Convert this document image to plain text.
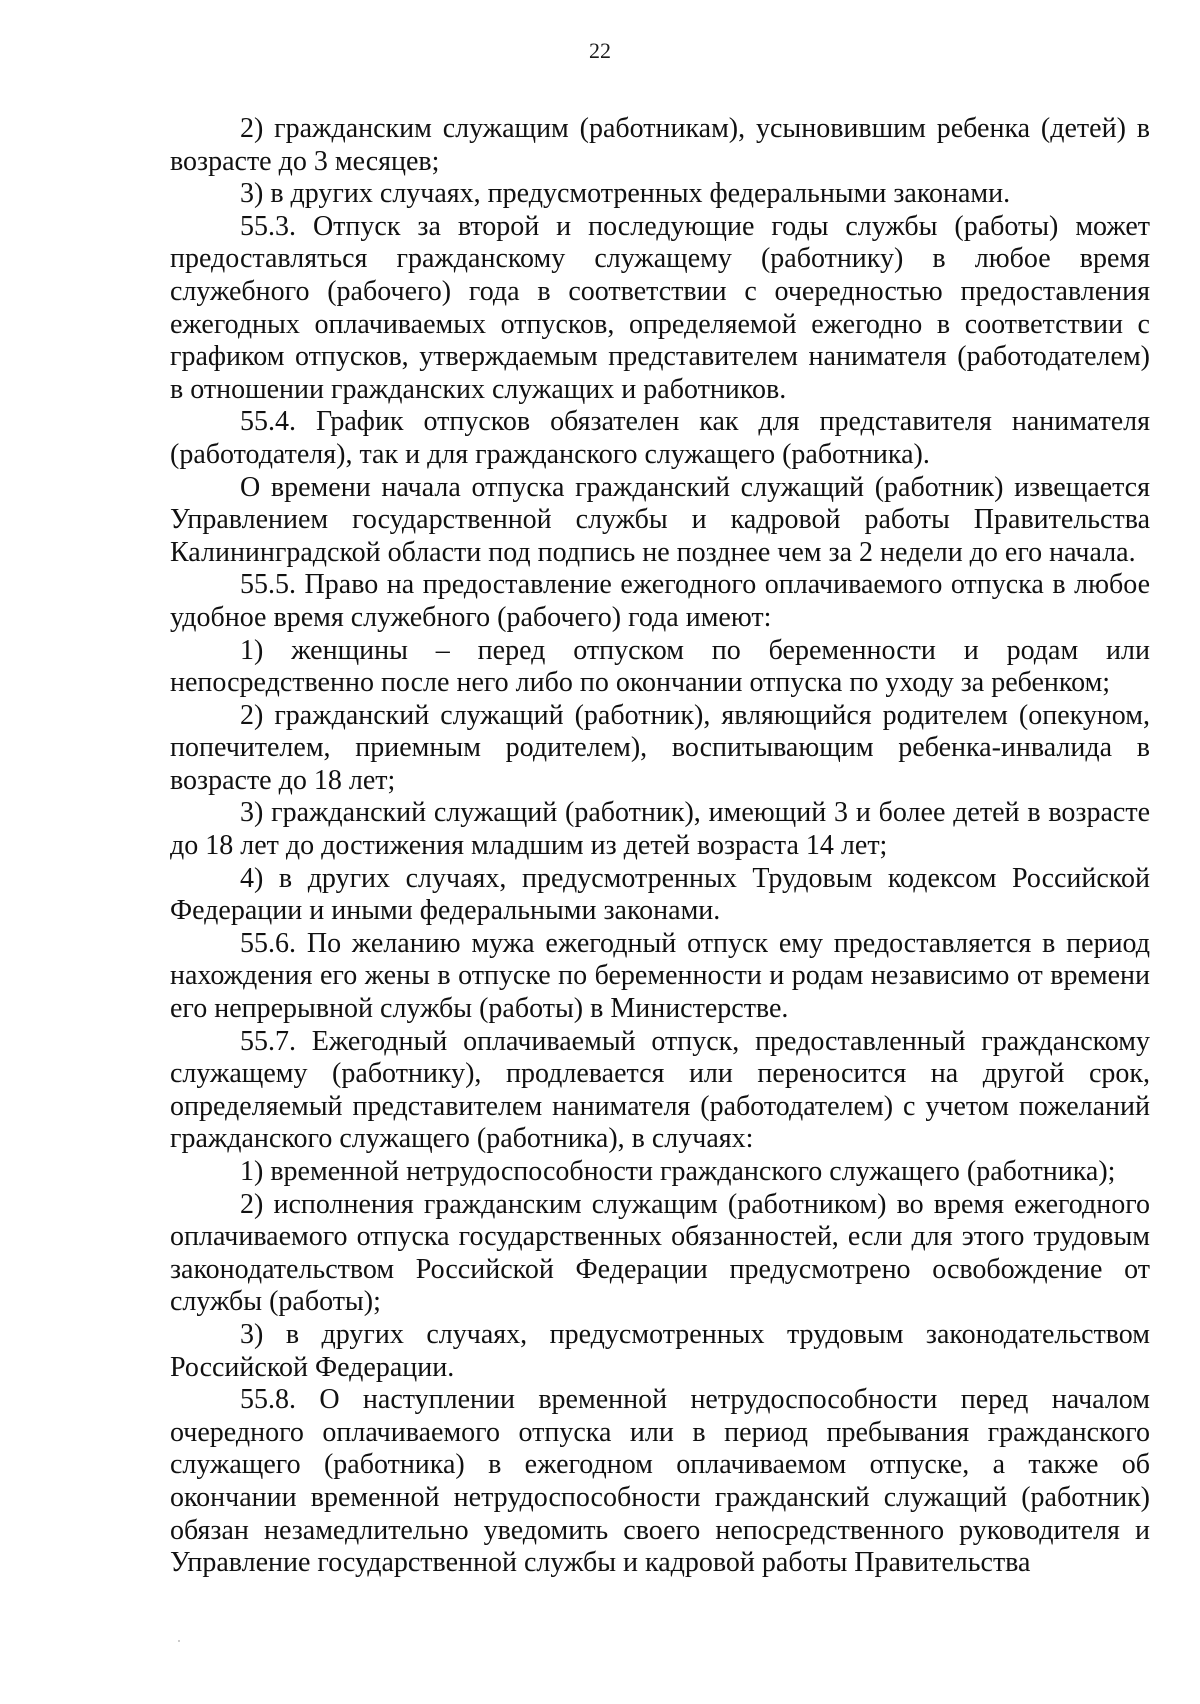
22

2) гражданским служащим (работникам), усыновившим ребенка (детей) в возрасте до 3 месяцев;

3) в других случаях, предусмотренных федеральными законами.

55.3. Отпуск за второй и последующие годы службы (работы) может предоставляться гражданскому служащему (работнику) в любое время служебного (рабочего) года в соответствии с очередностью предоставления ежегодных оплачиваемых отпусков, определяемой ежегодно в соответствии с графиком отпусков, утверждаемым представителем нанимателя (работодателем) в отношении гражданских служащих и работников.

55.4. График отпусков обязателен как для представителя нанимателя (работодателя), так и для гражданского служащего (работника).

О времени начала отпуска гражданский служащий (работник) извещается Управлением государственной службы и кадровой работы Правительства Калининградской области под подпись не позднее чем за 2 недели до его начала.

55.5. Право на предоставление ежегодного оплачиваемого отпуска в любое удобное время служебного (рабочего) года имеют:

1) женщины – перед отпуском по беременности и родам или непосредственно после него либо по окончании отпуска по уходу за ребенком;

2) гражданский служащий (работник), являющийся родителем (опекуном, попечителем, приемным родителем), воспитывающим ребенка-инвалида в возрасте до 18 лет;

3) гражданский служащий (работник), имеющий 3 и более детей в возрасте до 18 лет до достижения младшим из детей возраста 14 лет;

4) в других случаях, предусмотренных Трудовым кодексом Российской Федерации и иными федеральными законами.

55.6. По желанию мужа ежегодный отпуск ему предоставляется в период нахождения его жены в отпуске по беременности и родам независимо от времени его непрерывной службы (работы) в Министерстве.

55.7. Ежегодный оплачиваемый отпуск, предоставленный гражданскому служащему (работнику), продлевается или переносится на другой срок, определяемый представителем нанимателя (работодателем) с учетом пожеланий гражданского служащего (работника), в случаях:

1) временной нетрудоспособности гражданского служащего (работника);

2) исполнения гражданским служащим (работником) во время ежегодного оплачиваемого отпуска государственных обязанностей, если для этого трудовым законодательством Российской Федерации предусмотрено освобождение от службы (работы);

3) в других случаях, предусмотренных трудовым законодательством Российской Федерации.

55.8. О наступлении временной нетрудоспособности перед началом очередного оплачиваемого отпуска или в период пребывания гражданского служащего (работника) в ежегодном оплачиваемом отпуске, а также об окончании временной нетрудоспособности гражданский служащий (работник) обязан незамедлительно уведомить своего непосредственного руководителя и Управление государственной службы и кадровой работы Правительства
